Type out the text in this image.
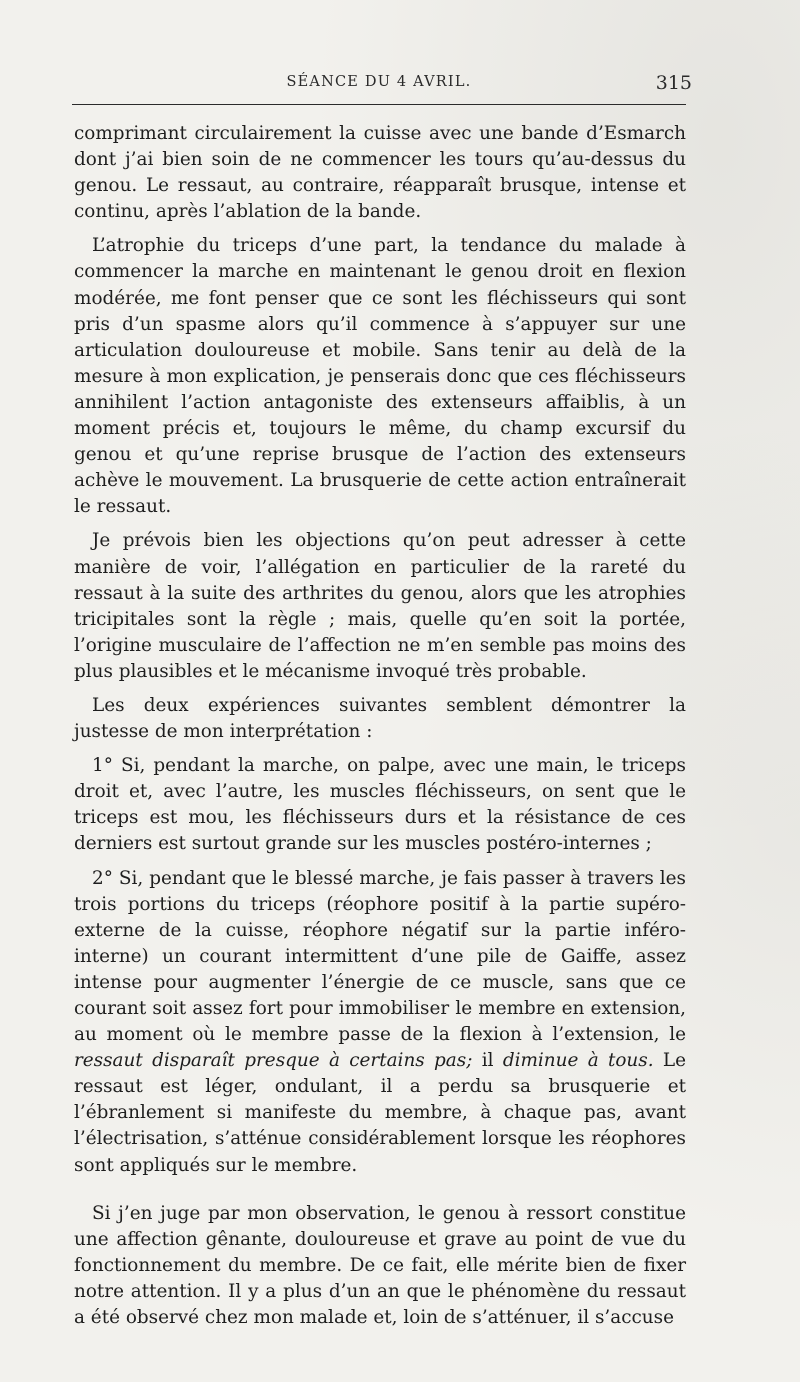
SÉANCE DU 4 AVRIL.	315

comprimant circulairement la cuisse avec une bande d’Esmarch dont j’ai bien soin de ne commencer les tours qu’au-dessus du genou. Le ressaut, au contraire, réapparaît brusque, intense et continu, après l’ablation de la bande.

L’atrophie du triceps d’une part, la tendance du malade à commencer la marche en maintenant le genou droit en flexion modérée, me font penser que ce sont les fléchisseurs qui sont pris d’un spasme alors qu’il commence à s’appuyer sur une articulation douloureuse et mobile. Sans tenir au delà de la mesure à mon explication, je penserais donc que ces fléchisseurs annihilent l’action antagoniste des extenseurs affaiblis, à un moment précis et, toujours le même, du champ excursif du genou et qu’une reprise brusque de l’action des extenseurs achève le mouvement. La brusquerie de cette action entraînerait le ressaut.

Je prévois bien les objections qu’on peut adresser à cette manière de voir, l’allégation en particulier de la rareté du ressaut à la suite des arthrites du genou, alors que les atrophies tricipitales sont la règle ; mais, quelle qu’en soit la portée, l’origine musculaire de l’affection ne m’en semble pas moins des plus plausibles et le mécanisme invoqué très probable.

Les deux expériences suivantes semblent démontrer la justesse de mon interprétation :

1° Si, pendant la marche, on palpe, avec une main, le triceps droit et, avec l’autre, les muscles fléchisseurs, on sent que le triceps est mou, les fléchisseurs durs et la résistance de ces derniers est surtout grande sur les muscles postéro-internes ;

2° Si, pendant que le blessé marche, je fais passer à travers les trois portions du triceps (réophore positif à la partie supéro-externe de la cuisse, réophore négatif sur la partie inféro-interne) un courant intermittent d’une pile de Gaiffe, assez intense pour augmenter l’énergie de ce muscle, sans que ce courant soit assez fort pour immobiliser le membre en extension, au moment où le membre passe de la flexion à l’extension, le ressaut disparaît presque à certains pas; il diminue à tous. Le ressaut est léger, ondulant, il a perdu sa brusquerie et l’ébranlement si manifeste du membre, à chaque pas, avant l’électrisation, s’atténue considérablement lorsque les réophores sont appliqués sur le membre.

Si j’en juge par mon observation, le genou à ressort constitue une affection gênante, douloureuse et grave au point de vue du fonctionnement du membre. De ce fait, elle mérite bien de fixer notre attention. Il y a plus d’un an que le phénomène du ressaut a été observé chez mon malade et, loin de s’atténuer, il s’accuse
